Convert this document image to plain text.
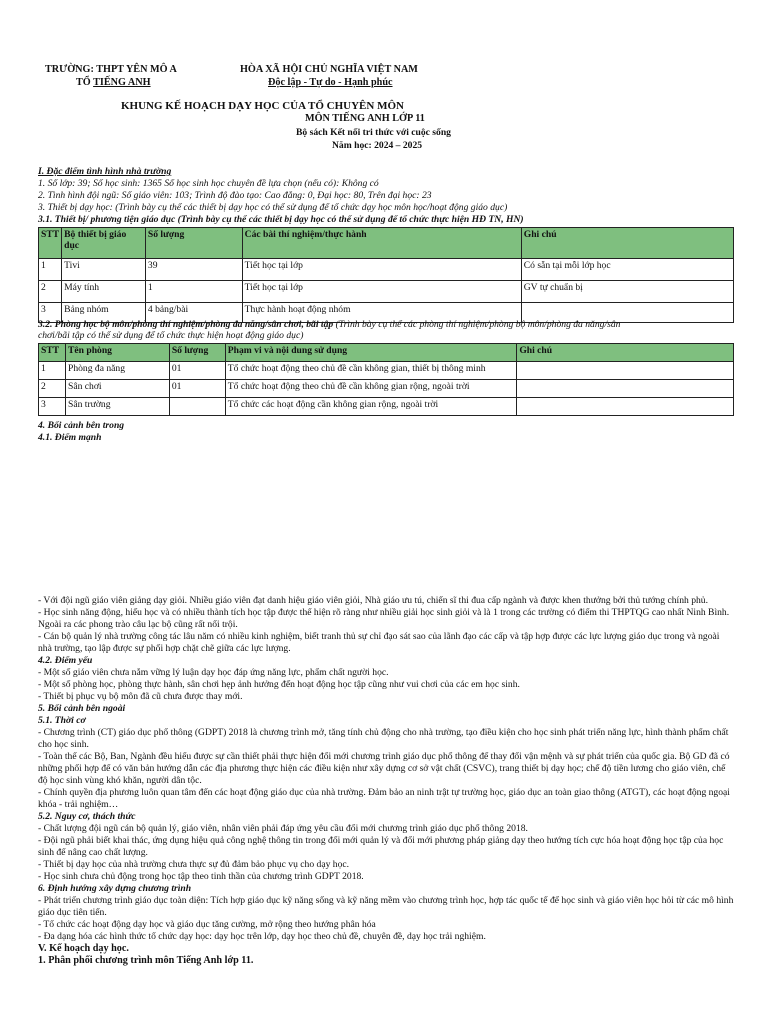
TRƯỜNG: THPT YÊN MÔ A
TỔ TIẾNG ANH
HÒA XÃ HỘI CHỦ NGHĨA VIỆT NAM
Độc lập - Tự do - Hạnh phúc
KHUNG KẾ HOẠCH DẠY HỌC CỦA TỔ CHUYÊN MÔN
MÔN TIẾNG ANH LỚP 11
Bộ sách Kết nối tri thức với cuộc sống
Năm học: 2024 – 2025
I. Đặc điểm tình hình nhà trường
1. Số lớp: 39; Số học sinh: 1365 Số học sinh học chuyên đề lựa chọn (nếu có): Không có
2. Tình hình đội ngũ: Số giáo viên: 103; Trình độ đào tạo: Cao đẳng: 0, Đại học: 80, Trên đại học: 23
3. Thiết bị dạy học: (Trình bày cụ thể các thiết bị dạy học có thể sử dụng để tổ chức dạy học môn học/hoạt động giáo dục)
3.1. Thiết bị/ phương tiện giáo dục (Trình bày cụ thể các thiết bị dạy học có thể sử dụng để tổ chức thực hiện HĐ TN, HN)
STT	Bộ thiết bị giáo dục	Số lượng	Các bài thí nghiệm/thực hành	Ghi chú
1	Tivi	39	Tiết học tại lớp	Có sẵn tại mỗi lớp học
2	Máy tính	1	Tiết học tại lớp	GV tự chuẩn bị
3	Bảng nhóm	4 bảng/bài	Thực hành hoạt động nhóm	
3.2. Phòng học bộ môn/phòng thí nghiệm/phòng đa năng/sân chơi, bãi tập (Trình bày cụ thể các phòng thí nghiệm/phòng bộ môn/phòng đa năng/sân
chơi/bãi tập có thể sử dụng để tổ chức thực hiện hoạt động giáo dục)
STT	Tên phòng	Số lượng	Phạm vi và nội dung sử dụng	Ghi chú
1	Phòng đa năng	01	Tổ chức hoạt động theo chủ đề cần không gian, thiết bị thông minh	
2	Sân chơi	01	Tổ chức hoạt động theo chủ đề cần không gian rộng, ngoài trời	
3	Sân trường		Tổ chức các hoạt động cần không gian rộng, ngoài trời	
4. Bối cảnh bên trong
4.1. Điểm mạnh

- Với đội ngũ giáo viên giảng dạy giỏi. Nhiều giáo viên đạt danh hiệu giáo viên giỏi, Nhà giáo ưu tú, chiến sĩ thi đua cấp ngành và được khen thưởng bởi thủ tướng chính phủ.

- Học sinh năng động, hiếu học và có nhiều thành tích học tập được thể hiện rõ ràng như nhiều giải học sinh giỏi và là 1 trong các trường có điểm thi THPTQG cao nhất Ninh Bình. Ngoài ra các phong trào câu lạc bộ cũng rất nổi trội.

- Cán bộ quản lý nhà trường công tác lâu năm có nhiều kinh nghiệm, biết tranh thủ sự chỉ đạo sát sao của lãnh đạo các cấp và tập hợp được các lực lượng giáo dục trong và ngoài nhà trường, tạo lập được sự phối hợp chặt chẽ giữa các lực lượng.

4.2. Điểm yếu

- Một số giáo viên chưa nắm vững lý luận dạy học đáp ứng năng lực, phẩm chất người học.

- Một số phòng học, phòng thực hành, sân chơi hẹp ảnh hưởng đến hoạt động học tập cũng như vui chơi của các em học sinh.

- Thiết bị phục vụ bộ môn đã cũ chưa được thay mới.

5. Bối cảnh bên ngoài

5.1. Thời cơ

- Chương trình (CT) giáo dục phổ thông (GDPT) 2018 là chương trình mở, tăng tính chủ động cho nhà trường, tạo điều kiện cho học sinh phát triển năng lực, hình thành phẩm chất cho học sinh.

- Toàn thể các Bộ, Ban, Ngành đều hiểu được sự cần thiết phải thực hiện đổi mới chương trình giáo dục phổ thông để thay đổi vận mệnh và sự phát triển của quốc gia. Bộ GD đã có những phối hợp để có văn bản hướng dẫn các địa phương thực hiện các điều kiện như xây dựng cơ sở vật chất (CSVC), trang thiết bị dạy học; chế độ tiền lương cho giáo viên, chế độ học sinh vùng khó khăn, người dân tộc.

- Chính quyền địa phương luôn quan tâm đến các hoạt động giáo dục của nhà trường. Đảm bảo an ninh trật tự trường học, giáo dục an toàn giao thông (ATGT), các hoạt động ngoại khóa - trải nghiệm…

5.2. Nguy cơ, thách thức

- Chất lượng đội ngũ cán bộ quản lý, giáo viên, nhân viên phải đáp ứng yêu cầu đổi mới chương trình giáo dục phổ thông 2018.

- Đội ngũ phải biết khai thác, ứng dụng hiệu quả công nghệ thông tin trong đổi mới quản lý và đổi mới phương pháp giảng dạy theo hướng tích cực hóa hoạt động học tập của học sinh để nâng cao chất lượng.

- Thiết bị dạy học của nhà trường chưa thực sự đủ đảm bảo phục vụ cho dạy học.

- Học sinh chưa chủ động trong học tập theo tinh thần của chương trình GDPT 2018.

6. Định hướng xây dựng chương trình

- Phát triển chương trình giáo dục toàn diện: Tích hợp giáo dục kỹ năng sống và kỹ năng mềm vào chương trình học, hợp tác quốc tế để học sinh và giáo viên học hỏi từ các mô hình giáo dục tiên tiến.

- Tổ chức các hoạt động dạy học và giáo dục tăng cường, mở rộng theo hướng phân hóa

- Đa dạng hóa các hình thức tổ chức dạy học: dạy học trên lớp, dạy học theo chủ đề, chuyên đề, dạy học trải nghiệm.

V. Kế hoạch dạy học.

1. Phân phối chương trình môn Tiếng Anh lớp 11.
